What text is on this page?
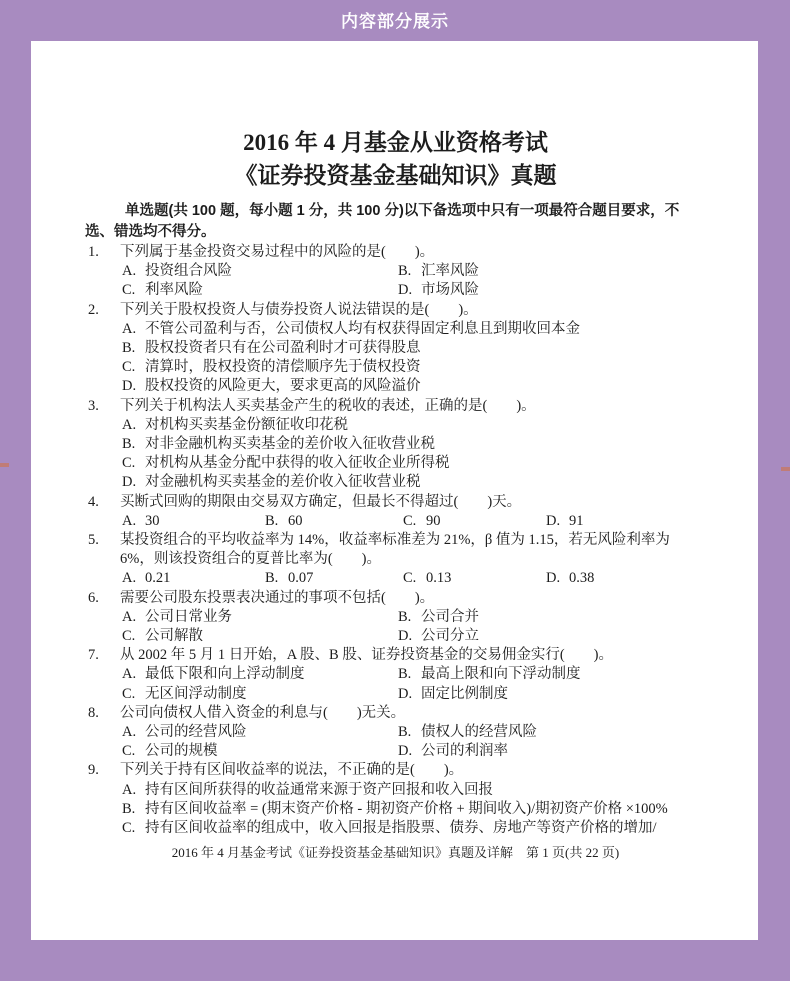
内容部分展示
2016 年 4 月基金从业资格考试
《证券投资基金基础知识》真题
单选题(共 100 题，每小题 1 分，共 100 分)以下备选项中只有一项最符合题目要求，不选、错选均不得分。
1.	下列属于基金投资交易过程中的风险的是(　　)。
A. 投资组合风险	B. 汇率风险
C. 利率风险	D. 市场风险
2.	下列关于股权投资人与债券投资人说法错误的是(　　)。
A. 不管公司盈利与否，公司债权人均有权获得固定利息且到期收回本金
B. 股权投资者只有在公司盈利时才可获得股息
C. 清算时，股权投资的清偿顺序先于债权投资
D. 股权投资的风险更大，要求更高的风险溢价
3.	下列关于机构法人买卖基金产生的税收的表述，正确的是(　　)。
A. 对机构买卖基金份额征收印花税
B. 对非金融机构买卖基金的差价收入征收营业税
C. 对机构从基金分配中获得的收入征收企业所得税
D. 对金融机构买卖基金的差价收入征收营业税
4.	买断式回购的期限由交易双方确定，但最长不得超过(　　)天。
A. 30	B. 60	C. 90	D. 91
5.	某投资组合的平均收益率为 14%，收益率标准差为 21%，β 值为 1.15，若无风险利率为 6%，则该投资组合的夏普比率为(　　)。
A. 0.21	B. 0.07	C. 0.13	D. 0.38
6.	需要公司股东投票表决通过的事项不包括(　　)。
A. 公司日常业务	B. 公司合并
C. 公司解散	D. 公司分立
7.	从 2002 年 5 月 1 日开始，A 股、B 股、证券投资基金的交易佣金实行(　　)。
A. 最低下限和向上浮动制度	B. 最高上限和向下浮动制度
C. 无区间浮动制度	D. 固定比例制度
8.	公司向债权人借入资金的利息与(　　)无关。
A. 公司的经营风险	B. 债权人的经营风险
C. 公司的规模	D. 公司的利润率
9.	下列关于持有区间收益率的说法，不正确的是(　　)。
A. 持有区间所获得的收益通常来源于资产回报和收入回报
B. 持有区间收益率 = (期末资产价格 - 期初资产价格 + 期间收入)/期初资产价格 ×100%
C. 持有区间收益率的组成中，收入回报是指股票、债券、房地产等资产价格的增加/
2016 年 4 月基金考试《证券投资基金基础知识》真题及详解　第 1 页(共 22 页)
